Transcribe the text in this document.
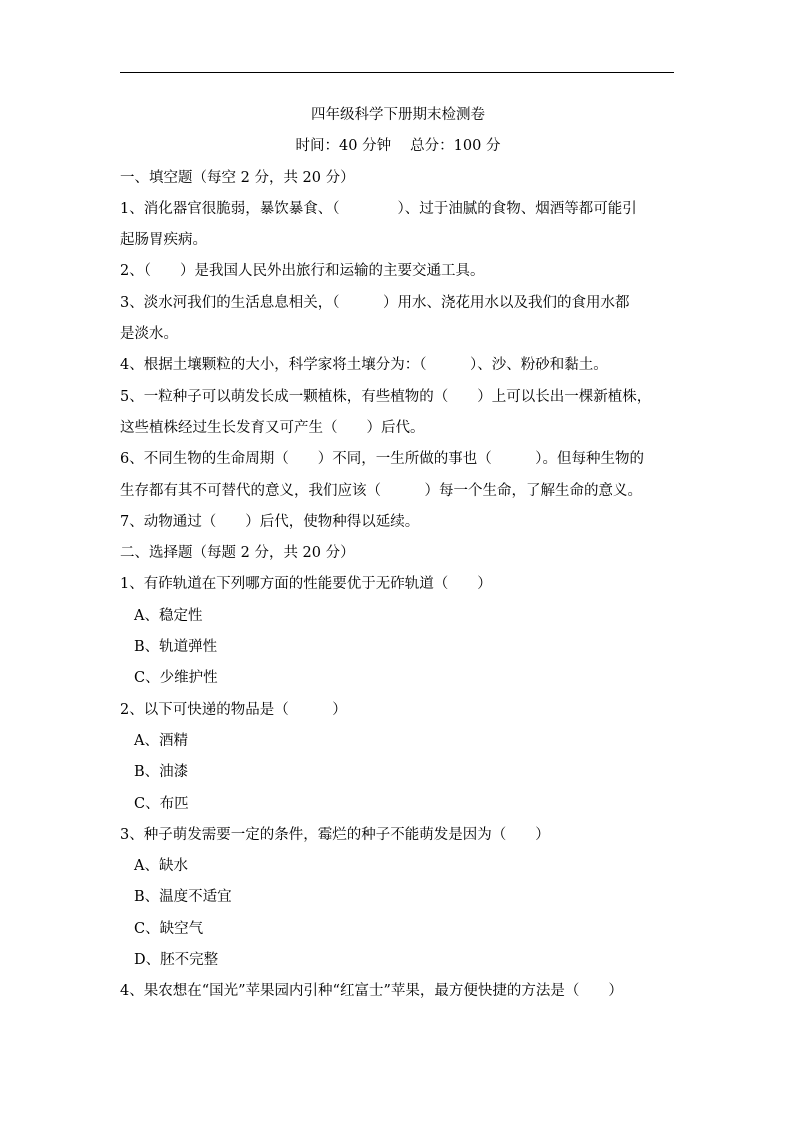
四年级科学下册期末检测卷
时间：40 分钟　 总分：100 分
一、填空题（每空 2 分，共 20 分）
1、消化器官很脆弱，暴饮暴食、（　　　　）、过于油腻的食物、烟酒等都可能引
起肠胃疾病。
2、（　　）是我国人民外出旅行和运输的主要交通工具。
3、淡水河我们的生活息息相关，（　　　）用水、浇花用水以及我们的食用水都
是淡水。
4、根据土壤颗粒的大小，科学家将土壤分为：（　　　）、沙、粉砂和黏土。
5、一粒种子可以萌发长成一颗植株，有些植物的（　　）上可以长出一棵新植株，
这些植株经过生长发育又可产生（　　）后代。
6、不同生物的生命周期（　　）不同，一生所做的事也（　　　）。但每种生物的
生存都有其不可替代的意义，我们应该（　　　）每一个生命，了解生命的意义。
7、动物通过（　　）后代，使物种得以延续。
二、选择题（每题 2 分，共 20 分）
1、有砟轨道在下列哪方面的性能要优于无砟轨道（　　）
A、稳定性
B、轨道弹性
C、少维护性
2、以下可快递的物品是（　　　）
A、酒精
B、油漆
C、布匹
3、种子萌发需要一定的条件，霉烂的种子不能萌发是因为（　　）
A、缺水
B、温度不适宜
C、缺空气
D、胚不完整
4、果农想在“国光”苹果园内引种“红富士”苹果，最方便快捷的方法是（　　）
